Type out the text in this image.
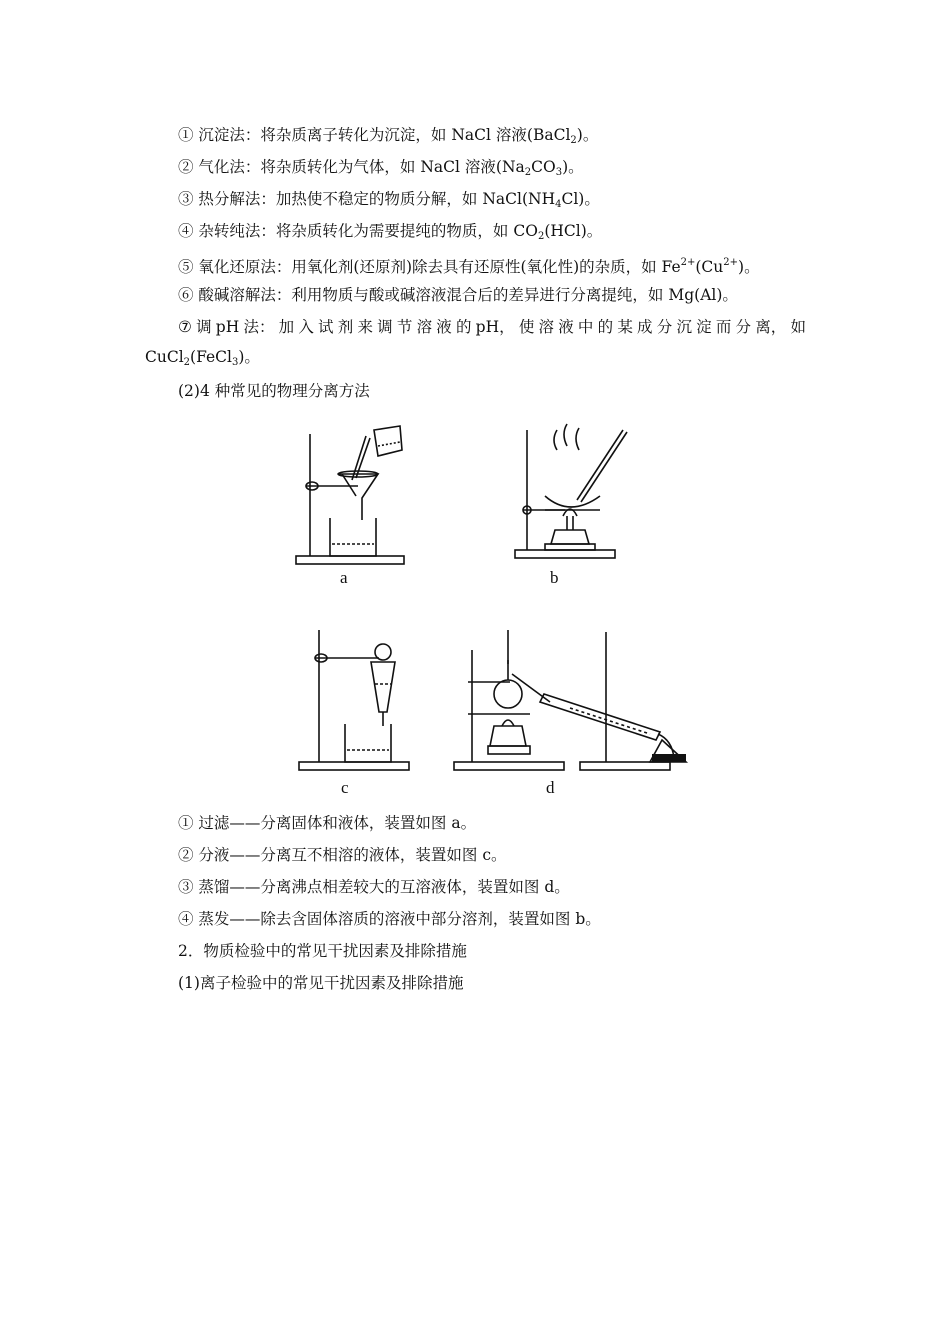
① 沉淀法：将杂质离子转化为沉淀，如 NaCl 溶液(BaCl$_2$)。
② 气化法：将杂质转化为气体，如 NaCl 溶液$(Na_2CO_3)$。
③ 热分解法：加热使不稳定的物质分解，如 $NaCl(NH_4Cl)$。
④ 杂转纯法：将杂质转化为需要提纯的物质，如 $CO_2(HCl)$。
⑤ 氧化还原法：用氧化剂(还原剂)除去具有还原性(氧化性)的杂质，如 $Fe^{2+}(Cu^{2+})$。
⑥ 酸碱溶解法：利用物质与酸或碱溶液混合后的差异进行分离提纯，如 Mg(Al)。
⑦ 调 pH 法： 加 入 试 剂 来 调 节 溶 液 的 pH， 使 溶 液 中 的 某 成 分 沉 淀 而 分 离， 如
CuCl$_2$(FeCl$_3$)。
(2)4 种常见的物理分离方法
a	b
c	d
① 过滤——分离固体和液体，装置如图 a。
② 分液——分离互不相溶的液体，装置如图 c。
③ 蒸馏——分离沸点相差较大的互溶液体，装置如图 d。
④ 蒸发——除去含固体溶质的溶液中部分溶剂，装置如图 b。
2．物质检验中的常见干扰因素及排除措施
(1)离子检验中的常见干扰因素及排除措施
